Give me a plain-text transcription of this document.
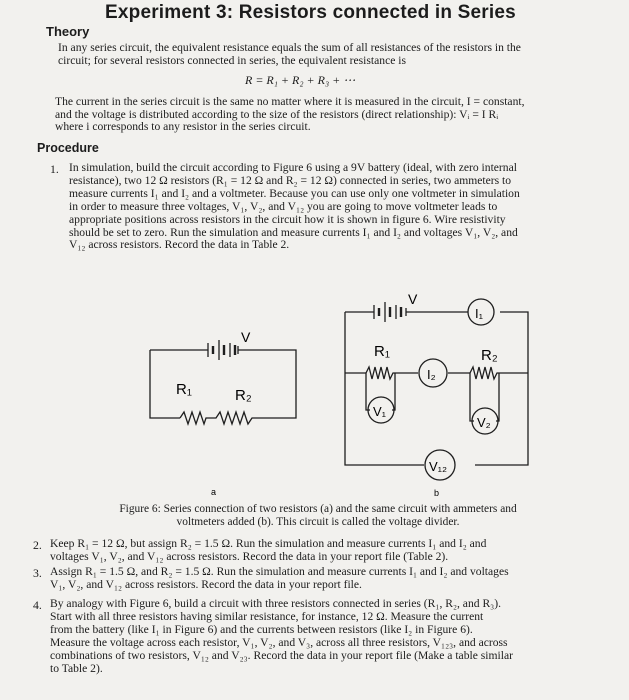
Experiment 3: Resistors connected in Series
Theory
In any series circuit, the equivalent resistance equals the sum of all resistances of the resistors in the
circuit; for several resistors connected in series, the equivalent resistance is
R = R₁ + R₂ + R₃ + ⋯
The current in the series circuit is the same no matter where it is measured in the circuit, I = constant,
and the voltage is distributed according to the size of the resistors (direct relationship): Vᵢ = I Rᵢ
where i corresponds to any resistor in the series circuit.
Procedure
1. In simulation, build the circuit according to Figure 6 using a 9V battery (ideal, with zero internal
resistance), two 12 Ω resistors (R₁ = 12 Ω and R₂ = 12 Ω) connected in series, two ammeters to
measure currents I₁ and I₂ and a voltmeter. Because you can use only one voltmeter in simulation
in order to measure three voltages, V₁, V₂, and V₁₂ you are going to move voltmeter leads to
appropriate positions across resistors in the circuit how it is shown in figure 6. Wire resistivity
should be set to zero. Run the simulation and measure currents I₁ and I₂ and voltages V₁, V₂, and
V₁₂ across resistors. Record the data in Table 2.
V
R₁	R₂
a
V
R₁	R₂
I₁
I₂
V₁
V₂
V₁₂
b
Figure 6: Series connection of two resistors (a) and the same circuit with ammeters and
voltmeters added (b). This circuit is called the voltage divider.
2. Keep R₁ = 12 Ω, but assign R₂ = 1.5 Ω. Run the simulation and measure currents I₁ and I₂ and
voltages V₁, V₂, and V₁₂ across resistors. Record the data in your report file (Table 2).
3. Assign R₁ = 1.5 Ω, and R₂ = 1.5 Ω. Run the simulation and measure currents I₁ and I₂ and voltages
V₁, V₂, and V₁₂ across resistors. Record the data in your report file.
4. By analogy with Figure 6, build a circuit with three resistors connected in series (R₁, R₂, and R₃).
Start with all three resistors having similar resistance, for instance, 12 Ω. Measure the current
from the battery (like I₁ in Figure 6) and the currents between resistors (like I₂ in Figure 6).
Measure the voltage across each resistor, V₁, V₂, and V₃, across all three resistors, V₁₂₃, and across
combinations of two resistors, V₁₂ and V₂₃. Record the data in your report file (Make a table similar
to Table 2).
